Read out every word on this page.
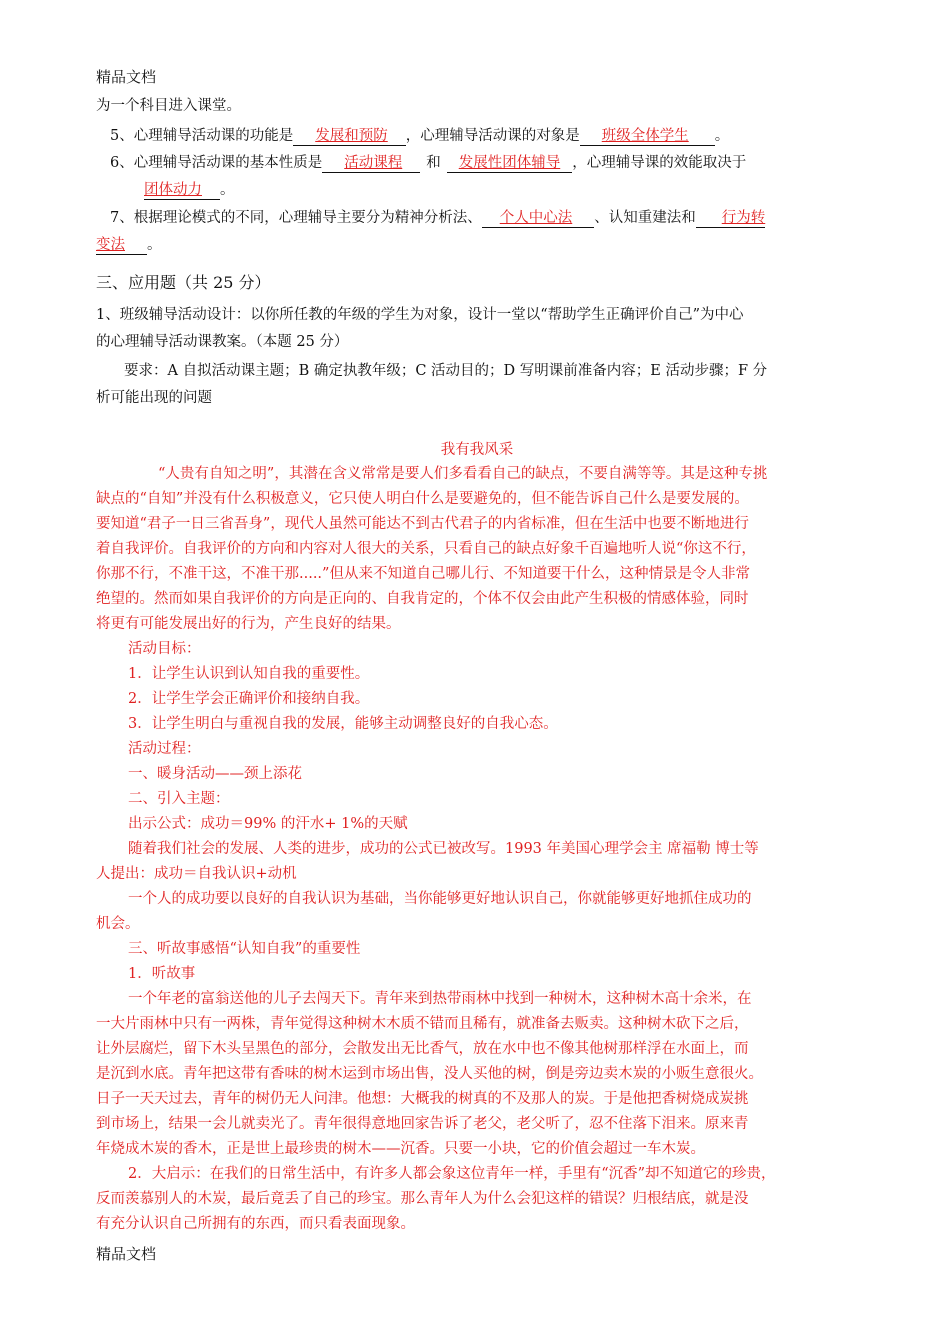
精品文档
为一个科目进入课堂。
5、心理辅导活动课的功能是 发展和预防 ，心理辅导活动课的对象是 班级全体学生 。
6、心理辅导活动课的基本性质是 活动课程 和 发展性团体辅导 ，心理辅导课的效能取决于
团体动力 。
7、根据理论模式的不同，心理辅导主要分为精神分析法、 个人中心法 、认知重建法和 行为转
变法 。
三、应用题（共 25 分）
1、班级辅导活动设计：以你所任教的年级的学生为对象，设计一堂以“帮助学生正确评价自己”为中心
的心理辅导活动课教案。（本题 25 分）
要求：A 自拟活动课主题；B 确定执教年级；C 活动目的；D 写明课前准备内容；E 活动步骤；F 分
析可能出现的问题
我有我风采
“人贵有自知之明”，其潜在含义常常是要人们多看看自己的缺点，不要自满等等。其是这种专挑
缺点的“自知”并没有什么积极意义，它只使人明白什么是要避免的，但不能告诉自己什么是要发展的。
要知道“君子一日三省吾身”，现代人虽然可能达不到古代君子的内省标准，但在生活中也要不断地进行
着自我评价。自我评价的方向和内容对人很大的关系，只看自己的缺点好象千百遍地听人说“你这不行，
你那不行，不准干这，不准干那.....”但从来不知道自己哪儿行、不知道要干什么，这种情景是令人非常
绝望的。然而如果自我评价的方向是正向的、自我肯定的，个体不仅会由此产生积极的情感体验，同时
将更有可能发展出好的行为，产生良好的结果。
活动目标：
1．让学生认识到认知自我的重要性。
2．让学生学会正确评价和接纳自我。
3．让学生明白与重视自我的发展，能够主动调整良好的自我心态。
活动过程：
一、暖身活动——颈上添花
二、引入主题：
出示公式：成功＝99% 的汗水+ 1%的天赋
随着我们社会的发展、人类的进步，成功的公式已被改写。1993 年美国心理学会主 席福勒 博士等
人提出：成功＝自我认识+动机
一个人的成功要以良好的自我认识为基础，当你能够更好地认识自己，你就能够更好地抓住成功的
机会。
三、听故事感悟“认知自我”的重要性
1．听故事
一个年老的富翁送他的儿子去闯天下。青年来到热带雨林中找到一种树木，这种树木高十余米，在
一大片雨林中只有一两株，青年觉得这种树木木质不错而且稀有，就准备去贩卖。这种树木砍下之后，
让外层腐烂，留下木头呈黑色的部分，会散发出无比香气，放在水中也不像其他树那样浮在水面上，而
是沉到水底。青年把这带有香味的树木运到市场出售，没人买他的树，倒是旁边卖木炭的小贩生意很火。
日子一天天过去，青年的树仍无人问津。他想：大概我的树真的不及那人的炭。于是他把香树烧成炭挑
到市场上，结果一会儿就卖光了。青年很得意地回家告诉了老父，老父听了，忍不住落下泪来。原来青
年烧成木炭的香木，正是世上最珍贵的树木——沉香。只要一小块，它的价值会超过一车木炭。
2．大启示：在我们的日常生活中，有许多人都会象这位青年一样，手里有“沉香”却不知道它的珍贵，
反而羡慕别人的木炭，最后竟丢了自己的珍宝。那么青年人为什么会犯这样的错误？归根结底，就是没
有充分认识自己所拥有的东西，而只看表面现象。
精品文档
